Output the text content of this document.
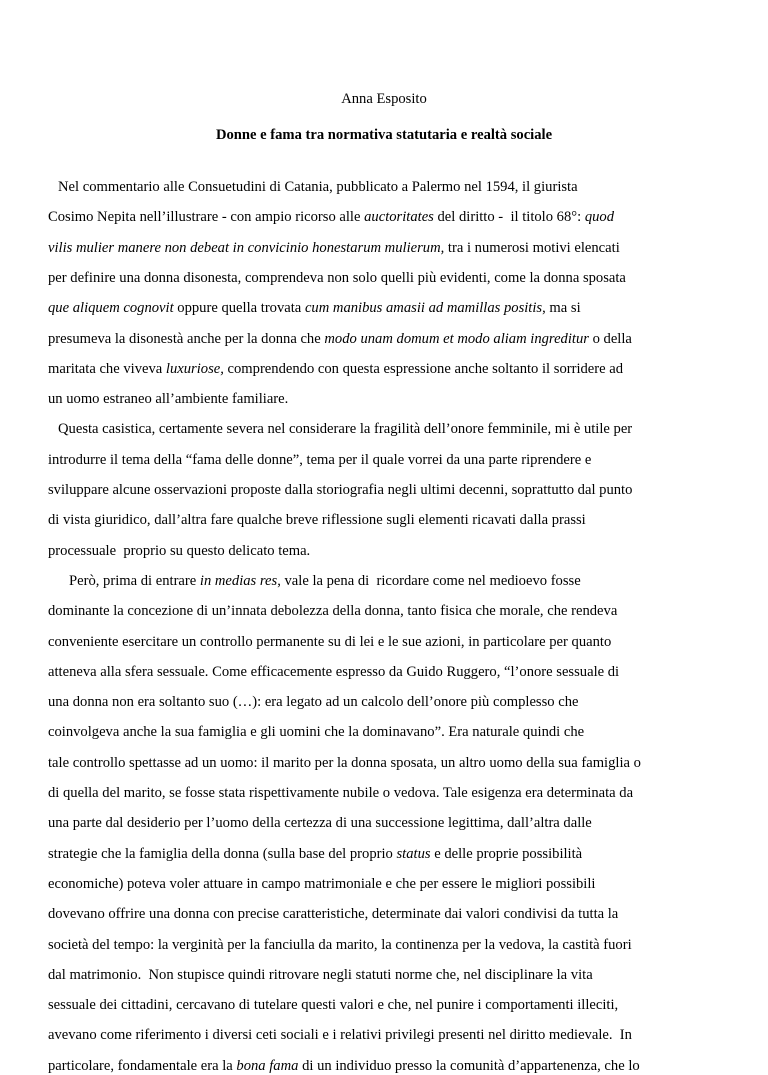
Anna Esposito
Donne e fama tra normativa statutaria e realtà sociale
Nel commentario alle Consuetudini di Catania, pubblicato a Palermo nel 1594, il giurista
Cosimo Nepita nell’illustrare - con ampio ricorso alle auctoritates del diritto -  il titolo 68°: quod
vilis mulier manere non debeat in convicinio honestarum mulierum, tra i numerosi motivi elencati
per definire una donna disonesta, comprendeva non solo quelli più evidenti, come la donna sposata
que aliquem cognovit oppure quella trovata cum manibus amasii ad mamillas positis, ma si
presumeva la disonestà anche per la donna che modo unam domum et modo aliam ingreditur o della
maritata che viveva luxuriose, comprendendo con questa espressione anche soltanto il sorridere ad
un uomo estraneo all’ambiente familiare.
Questa casistica, certamente severa nel considerare la fragilità dell’onore femminile, mi è utile per
introdurre il tema della “fama delle donne”, tema per il quale vorrei da una parte riprendere e
sviluppare alcune osservazioni proposte dalla storiografia negli ultimi decenni, soprattutto dal punto
di vista giuridico, dall’altra fare qualche breve riflessione sugli elementi ricavati dalla prassi
processuale  proprio su questo delicato tema.
Però, prima di entrare in medias res, vale la pena di  ricordare come nel medioevo fosse
dominante la concezione di un’innata debolezza della donna, tanto fisica che morale, che rendeva
conveniente esercitare un controllo permanente su di lei e le sue azioni, in particolare per quanto
atteneva alla sfera sessuale. Come efficacemente espresso da Guido Ruggero, “l’onore sessuale di
una donna non era soltanto suo (…): era legato ad un calcolo dell’onore più complesso che
coinvolgeva anche la sua famiglia e gli uomini che la dominavano”. Era naturale quindi che
tale controllo spettasse ad un uomo: il marito per la donna sposata, un altro uomo della sua famiglia o
di quella del marito, se fosse stata rispettivamente nubile o vedova. Tale esigenza era determinata da
una parte dal desiderio per l’uomo della certezza di una successione legittima, dall’altra dalle
strategie che la famiglia della donna (sulla base del proprio status e delle proprie possibilità
economiche) poteva voler attuare in campo matrimoniale e che per essere le migliori possibili
dovevano offrire una donna con precise caratteristiche, determinate dai valori condivisi da tutta la
società del tempo: la verginità per la fanciulla da marito, la continenza per la vedova, la castità fuori
dal matrimonio.  Non stupisce quindi ritrovare negli statuti norme che, nel disciplinare la vita
sessuale dei cittadini, cercavano di tutelare questi valori e che, nel punire i comportamenti illeciti,
avevano come riferimento i diversi ceti sociali e i relativi privilegi presenti nel diritto medievale.  In
particolare, fondamentale era la bona fama di un individuo presso la comunità d’appartenenza, che lo
